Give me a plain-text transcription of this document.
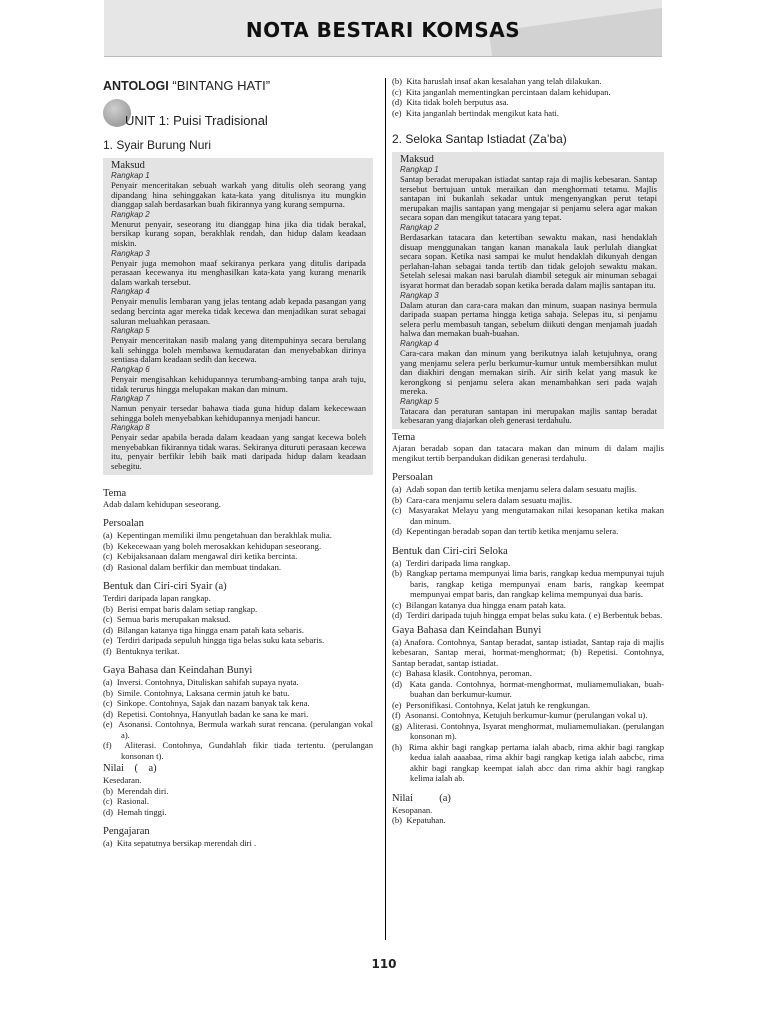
NOTA BESTARI KOMSAS
ANTOLOGI “BINTANG HATI”
UNIT 1: Puisi Tradisional
1. Syair Burung Nuri
Maksud
Rangkap 1
Penyair menceritakan sebuah warkah yang ditulis oleh seorang yang dipandang hina sehinggakan kata-kata yang ditulisnya itu mungkin dianggap salah berdasarkan buah fikirannya yang kurang sempurna.
Rangkap 2
Menurut penyair, seseorang itu dianggap hina jika dia tidak berakal, bersikap kurang sopan, berakhlak rendah, dan hidup dalam keadaan miskin.
Rangkap 3
Penyair juga memohon maaf sekiranya perkara yang ditulis daripada perasaan kecewanya itu menghasilkan kata-kata yang kurang menarik dalam warkah tersebut.
Rangkap 4
Penyair menulis lembaran yang jelas tentang adab kepada pasangan yang sedang bercinta agar mereka tidak kecewa dan menjadikan surat sebagai saluran meluahkan perasaan.
Rangkap 5
Penyair menceritakan nasib malang yang ditempuhinya secara berulang kali sehingga boleh membawa kemudaratan dan menyebabkan dirinya sentiasa dalam keadaan sedih dan kecewa.
Rangkap 6
Penyair mengisahkan kehidupannya terumbang-ambing tanpa arah tuju, tidak terurus hingga melupakan makan dan minum.
Rangkap 7
Namun penyair tersedar bahawa tiada guna hidup dalam kekecewaan sehingga boleh menyebabkan kehidupannya menjadi hancur.
Rangkap 8
Penyair sedar apabila berada dalam keadaan yang sangat kecewa boleh menyebabkan fikirannya tidak waras. Sekiranya dituruti perasaan kecewa itu, penyair berfikir lebih baik mati daripada hidup dalam keadaan sebegitu.
Tema
Adab dalam kehidupan seseorang.
Persoalan
(a)  Kepentingan memiliki ilmu pengetahuan dan berakhlak mulia.
(b)  Kekecewaan yang boleh merosakkan kehidupan seseorang.
(c)  Kebijaksanaan dalam mengawal diri ketika bercinta.
(d)  Rasional dalam berfikir dan membuat tindakan.
Bentuk dan Ciri-ciri Syair (a)
Terdiri daripada lapan rangkap.
(b)  Berisi empat baris dalam setiap rangkap.
(c)  Semua baris merupakan maksud.
(d)  Bilangan katanya tiga hingga enam patah kata sebaris.
(e)  Terdiri daripada sepuluh hingga tiga belas suku kata sebaris.
(f)  Bentuknya terikat.
Gaya Bahasa dan Keindahan Bunyi
(a)  Inversi. Contohnya, Dituliskan sahifah supaya nyata.
(b)  Simile. Contohnya, Laksana cermin jatuh ke batu.
(c)  Sinkope. Contohnya, Sajak dan nazam banyak tak kena.
(d)  Repetisi. Contohnya, Hanyutlah badan ke sana ke mari.
(e)  Asonansi. Contohnya, Bermula warkah surat rencana. (perulangan vokal a).
(f)  Aliterasi. Contohnya, Gundahlah fikir tiada tertentu. (perulangan konsonan t).
Nilai    (    a)
Kesedaran.
(b)  Merendah diri.
(c)  Rasional.
(d)  Hemah tinggi.
Pengajaran
(a)  Kita sepatutnya bersikap merendah diri .
(b)  Kita haruslah insaf akan kesalahan yang telah dilakukan.
(c)  Kita janganlah mementingkan percintaan dalam kehidupan.
(d)  Kita tidak boleh berputus asa.
(e)  Kita janganlah bertindak mengikut kata hati.
2. Seloka Santap Istiadat (Za’ba)
Maksud
Rangkap 1
Santap beradat merupakan istiadat santap raja di majlis kebesaran. Santap tersebut bertujuan untuk meraikan dan menghormati tetamu. Majlis santapan ini bukanlah sekadar untuk mengenyangkan perut tetapi merupakan majlis santapan yang mengajar si penjamu selera agar makan secara sopan dan mengikut tatacara yang tepat.
Rangkap 2
Berdasarkan tatacara dan ketertiban sewaktu makan, nasi hendaklah disuap menggunakan tangan kanan manakala lauk perlulah diangkat secara sopan. Ketika nasi sampai ke mulut hendaklah dikunyah dengan perlahan-lahan sebagai tanda tertib dan tidak gelojoh sewaktu makan. Setelah selesai makan nasi barulah diambil seteguk air minuman sebagai isyarat hormat dan beradab sopan ketika berada dalam majlis santapan itu.
Rangkap 3
Dalam aturan dan cara-cara makan dan minum, suapan nasinya bermula daripada suapan pertama hingga ketiga sahaja. Selepas itu, si penjamu selera perlu membasuh tangan, sebelum diikuti dengan menjamah juadah halwa dan memakan buah-buahan.
Rangkap 4
Cara-cara makan dan minum yang berikutnya ialah ketujuhnya, orang yang menjamu selera perlu berkumur-kumur untuk membersihkan mulut dan diakhiri dengan memakan sirih. Air sirih kelat yang masuk ke kerongkong si penjamu selera akan menambahkan seri pada wajah mereka.
Rangkap 5
Tatacara dan peraturan santapan ini merupakan majlis santap beradat kebesaran yang diajarkan oleh generasi terdahulu.
Tema
Ajaran beradab sopan dan tatacara makan dan minum di dalam majlis mengikut tertib berpandukan didikan generasi terdahulu.
Persoalan
(a)  Adab sopan dan tertib ketika menjamu selera dalam sesuatu majlis.
(b)  Cara-cara menjamu selera dalam sesuatu majlis.
(c)  Masyarakat Melayu yang mengutamakan nilai kesopanan ketika makan dan minum.
(d)  Kepentingan beradab sopan dan tertib ketika menjamu selera.
Bentuk dan Ciri-ciri Seloka
(a)  Terdiri daripada lima rangkap.
(b)  Rangkap pertama mempunyai lima baris, rangkap kedua mempunyai tujuh baris, rangkap ketiga mempunyai enam baris, rangkap keempat mempunyai empat baris, dan rangkap kelima mempunyai dua baris.
(c)  Bilangan katanya dua hingga enam patah kata.
(d)  Terdiri daripada tujuh hingga empat belas suku kata. ( e) Berbentuk bebas.
Gaya Bahasa dan Keindahan Bunyi
(a) Anafora. Contohnya, Santap beradat, santap istiadat, Santap raja di majlis kebesaran, Santap merai, hormat-menghormat; (b) Repetisi. Contohnya, Santap beradat, santap istiadat.
(c)  Bahasa klasik. Contohnya, peroman.
(d)  Kata ganda. Contohnya, hormat-menghormat, muliamemuliakan, buah-buahan dan berkumur-kumur.
(e)  Personifikasi. Contohnya, Kelat jatuh ke rengkungan.
(f)  Asonansi. Contohnya, Ketujuh berkumur-kumur (perulangan vokal u).
(g)  Aliterasi. Contohnya, Isyarat menghormat, muliamemuliakan. (perulangan konsonan m).
(h)  Rima akhir bagi rangkap pertama ialah abacb, rima akhir bagi rangkap kedua ialah aaaabaa, rima akhir bagi rangkap ketiga ialah aabcbc, rima akhir bagi rangkap keempat ialah abcc dan rima akhir bagi rangkap kelima ialah ab.
Nilai          (a)
Kesopanan.
(b)  Kepatuhan.
110
